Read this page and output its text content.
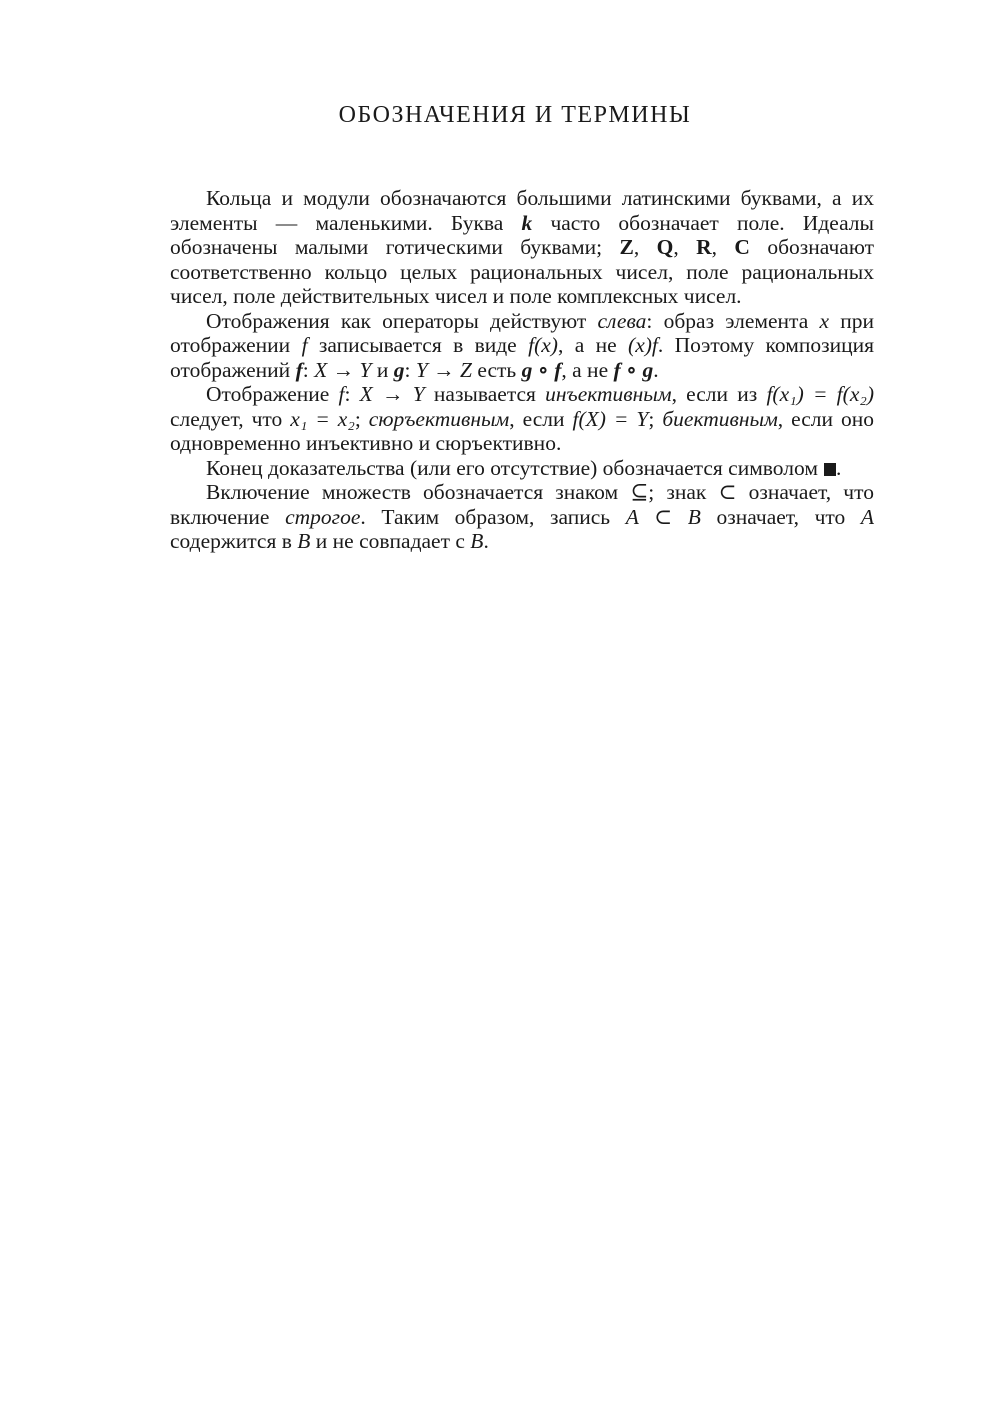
ОБОЗНАЧЕНИЯ И ТЕРМИНЫ

Кольца и модули обозначаются большими латинскими буквами, а их элементы — маленькими. Буква k часто обозначает поле. Идеалы обозначены малыми готическими буквами; Z, Q, R, C обозначают соответственно кольцо целых рациональных чисел, поле рациональных чисел, поле действительных чисел и поле комплексных чисел.

Отображения как операторы действуют слева: образ элемента x при отображении f записывается в виде f(x), а не (x)f. Поэтому композиция отображений f: X → Y и g: Y → Z есть g ∘ f, а не f ∘ g.

Отображение f: X → Y называется инъективным, если из f(x₁) = f(x₂) следует, что x₁ = x₂; сюръективным, если f(X) = Y; биективным, если оно одновременно инъективно и сюръективно.

Конец доказательства (или его отсутствие) обозначается символом .

Включение множеств обозначается знаком ⊆; знак ⊂ означает, что включение строгое. Таким образом, запись A ⊂ B означает, что A содержится в B и не совпадает с B.
